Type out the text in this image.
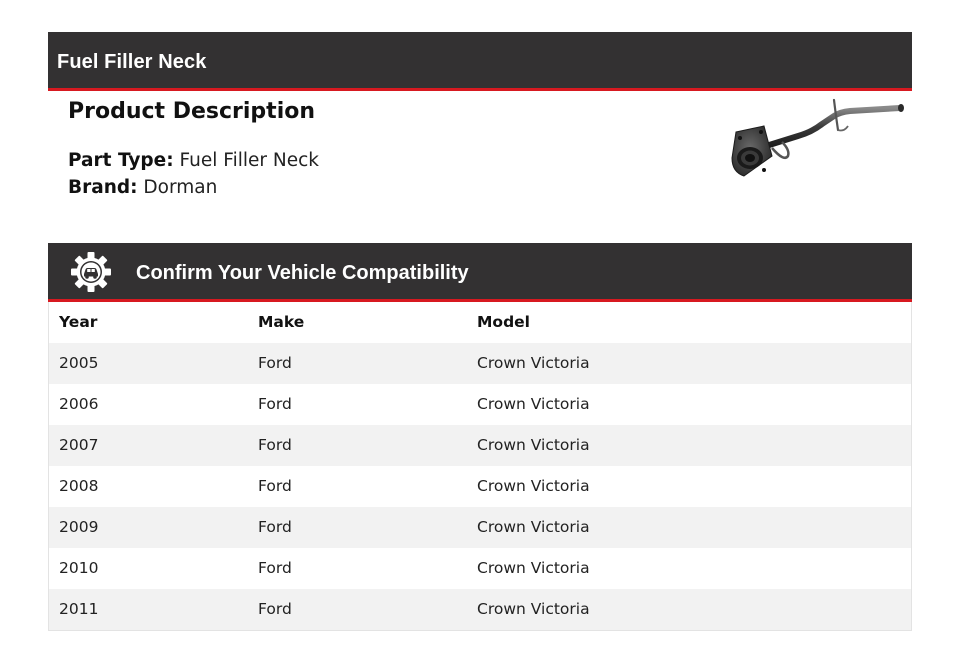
Fuel Filler Neck
Product Description
Part Type: Fuel Filler Neck
Brand: Dorman
Confirm Your Vehicle Compatibility
Year	Make	Model
2005	Ford	Crown Victoria
2006	Ford	Crown Victoria
2007	Ford	Crown Victoria
2008	Ford	Crown Victoria
2009	Ford	Crown Victoria
2010	Ford	Crown Victoria
2011	Ford	Crown Victoria
